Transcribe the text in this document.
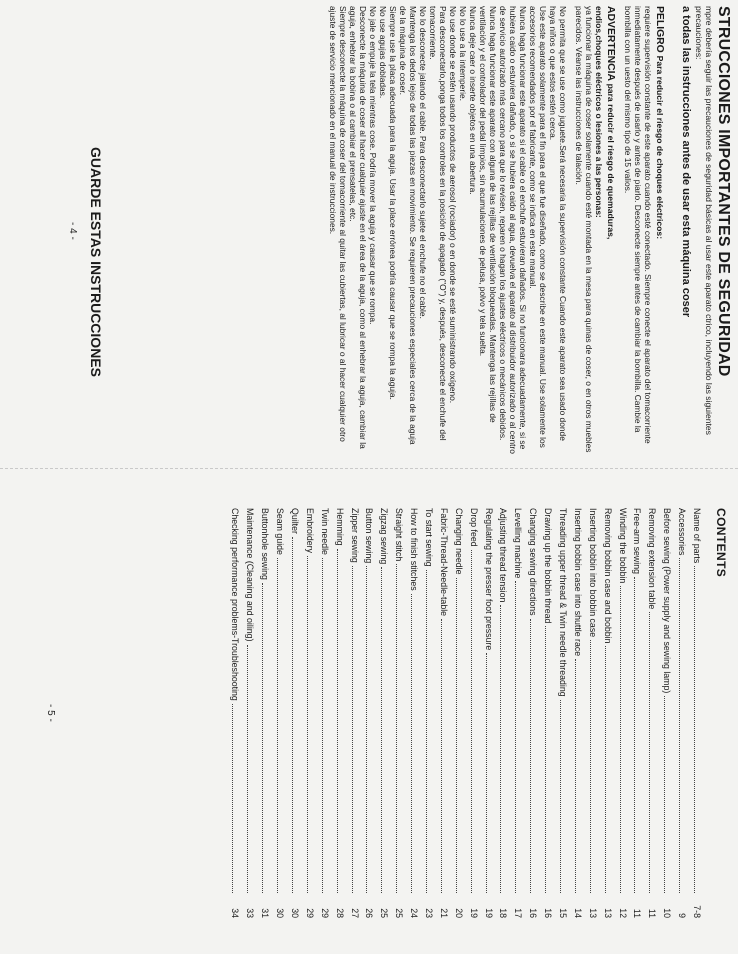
STRUCCIONES IMPORTANTES DE SEGURIDAD
mpre debería seguir las precauciones de seguridad básicas al usar este aparato ctrico, incluyendo las siguientes precauciones:
a todas las instrucciones antes de usar esta máquina coser

PELIGRO Para reducir el riesgo de choques eléctricos:

requiere supervisión constante de este aparato cuando esté conectado. Siempre conecte el aparato del tomacorriente inmediatamente después de usarlo y antes de piarlo. Desconecte siempre antes de cambiar la bombilla. Cambie la bombilla con un uesto del mismo tipo de 15 valios.

ADVERTENCIA para reducir el riesgo de quemaduras,

endios,choques eléctricos o lesiones a las personas:

ya funcionar la máquina de coser solamente cuando esté montada en la mesa para quinas de coser, o en otros muebles parecidos. Véanse las instrucciones de talación.

No permita que se use como juguete.Será necesaria la supervisión constante Cuando este aparato sea usado donde haya niños o que estos estén cerca.

Use este aparato solamente para el fin para el que fue diseñado, como se describe en este manual. Use solamente los accesorios recomendados por el fabricante, como se indica en este manual.

Nunca haga funcionar este aparato si el cable o el enchufe estuvieran dañados. Si no funcionara adecuadamente, si se hubiera caido o estuviera dañado, o si se hubiera caido al agua, devuelva el aparato al distribuidor autorizado o al centro de servicio autorizado más cercano para que lo revisen, reparen o hagan los ajustes eléctricos o mecánicos debidos.

Nunca haga funcionar este aparato con alguna de las rejillas de ventilación bloqueadas. Mantenga las rejillas de ventilación y el controlador del pedal limpios, sin acumulaciones de pelusa, polvo y tela suelta.

Nunca deje caer o inserte objetos en una abertura.

No lo use a la intemperie.

No use donde se estén usando productos de aerosol (rociador) o en donde se esté suministrando oxígeno.

Para desconectarlo,ponga todos los controles en la posición de apagado ("O") y, después, desconecte el enchufe del tomacorriente.

No lo desconecte jalando el cable. Para desconectarlo sujete el enchufe no el cable.

Mantenga los dedos lejos de todas las piezas en movimiento. Se requieren precauciones especiales cerca de la aguja de la máquina de coser.

Siempre use la placa adecuada para la aguja. Usar la place errónea podría causar que se rompa la aguja.

No use agujas dobladas.

No jale o empuje la tela mientras cose. Podría mover la aguja y causar que se rompa.

Desconecte la máquina de coser al hacer cualquier ajuste en el área de la aguja, como al enhebrar la aguja, cambiar la aguja, enhebrar la bobina o al cambiar el prensatelas, etc.

Siempre desconecte la máquina de coser del tomacorriente al quitar las cubiertas, al lubricar o al hacer cualquier otro ajuste de servicio mencionado en el manual de instrucciones.

GUARDE ESTAS INSTRUCCIONES
- 4 -
CONTENTS
Name of parts
7-8
Accessories
9
Before sewing (Power supply and sewing lamp)
10
Removing extension table
11
Free-arm sewing
11
Winding the bobbin
12
Removing bobbin case and bobbin
13
Inserting bobbin into bobbin case
13
Inserting bobbin case into shuttle race
14
Threading upper thread & Twin needle threading
15
Drawing up the bobbin thread
16
Changing sewing directions
16
Levelling machine
17
Adjusting thread tension
18
Regulating the presser foot pressure
19
Drop feed
19
Changing needle
20
Fabric-Thread-Needle-table
21
To start sewing
23
How to finish stitches
24
Straight stitch
25
Zigzag sewing
25
Button sewing
26
Zipper sewing
27
Hemming
28
Twin needle
29
Embroidery
29
Quilter
30
Seam guide
30
Buttonhole sewing
31
Maintenance (Cleaning and oiling)
33
Checking performance problems-Troubleshooting
34
- 5 -
